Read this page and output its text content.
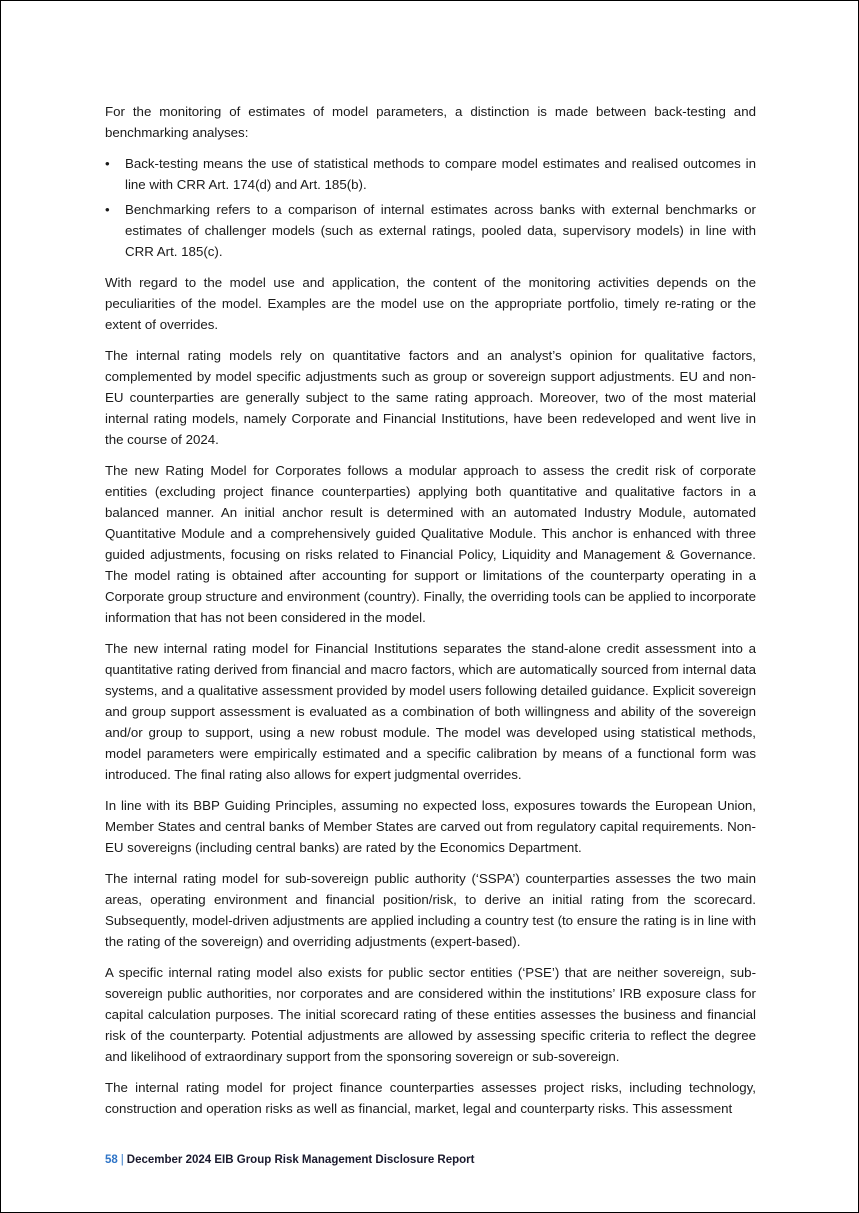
For the monitoring of estimates of model parameters, a distinction is made between back-testing and benchmarking analyses:

•	Back-testing means the use of statistical methods to compare model estimates and realised outcomes in line with CRR Art. 174(d) and Art. 185(b).
•	Benchmarking refers to a comparison of internal estimates across banks with external benchmarks or estimates of challenger models (such as external ratings, pooled data, supervisory models) in line with CRR Art. 185(c).

With regard to the model use and application, the content of the monitoring activities depends on the peculiarities of the model. Examples are the model use on the appropriate portfolio, timely re-rating or the extent of overrides.

The internal rating models rely on quantitative factors and an analyst’s opinion for qualitative factors, complemented by model specific adjustments such as group or sovereign support adjustments. EU and non-EU counterparties are generally subject to the same rating approach. Moreover, two of the most material internal rating models, namely Corporate and Financial Institutions, have been redeveloped and went live in the course of 2024.

The new Rating Model for Corporates follows a modular approach to assess the credit risk of corporate entities (excluding project finance counterparties) applying both quantitative and qualitative factors in a balanced manner. An initial anchor result is determined with an automated Industry Module, automated Quantitative Module and a comprehensively guided Qualitative Module. This anchor is enhanced with three guided adjustments, focusing on risks related to Financial Policy, Liquidity and Management & Governance. The model rating is obtained after accounting for support or limitations of the counterparty operating in a Corporate group structure and environment (country). Finally, the overriding tools can be applied to incorporate information that has not been considered in the model.

The new internal rating model for Financial Institutions separates the stand-alone credit assessment into a quantitative rating derived from financial and macro factors, which are automatically sourced from internal data systems, and a qualitative assessment provided by model users following detailed guidance. Explicit sovereign and group support assessment is evaluated as a combination of both willingness and ability of the sovereign and/or group to support, using a new robust module. The model was developed using statistical methods, model parameters were empirically estimated and a specific calibration by means of a functional form was introduced. The final rating also allows for expert judgmental overrides.

In line with its BBP Guiding Principles, assuming no expected loss, exposures towards the European Union, Member States and central banks of Member States are carved out from regulatory capital requirements. Non-EU sovereigns (including central banks) are rated by the Economics Department.

The internal rating model for sub-sovereign public authority (‘SSPA’) counterparties assesses the two main areas, operating environment and financial position/risk, to derive an initial rating from the scorecard. Subsequently, model-driven adjustments are applied including a country test (to ensure the rating is in line with the rating of the sovereign) and overriding adjustments (expert-based).

A specific internal rating model also exists for public sector entities (‘PSE’) that are neither sovereign, sub-sovereign public authorities, nor corporates and are considered within the institutions’ IRB exposure class for capital calculation purposes. The initial scorecard rating of these entities assesses the business and financial risk of the counterparty. Potential adjustments are allowed by assessing specific criteria to reflect the degree and likelihood of extraordinary support from the sponsoring sovereign or sub-sovereign.

The internal rating model for project finance counterparties assesses project risks, including technology, construction and operation risks as well as financial, market, legal and counterparty risks. This assessment

58 | December 2024 EIB Group Risk Management Disclosure Report
